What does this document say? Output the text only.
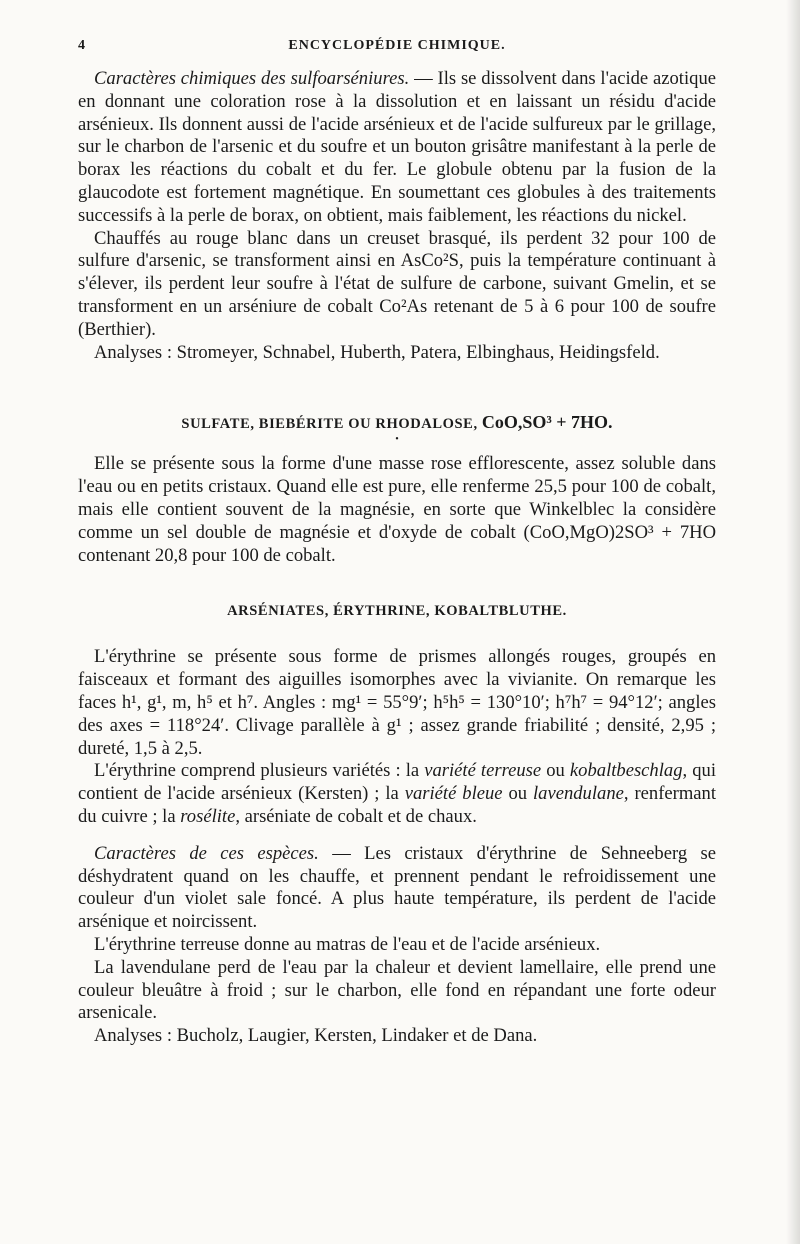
4	ENCYCLOPÉDIE CHIMIQUE.

Caractères chimiques des sulfoarséniures. — Ils se dissolvent dans l'acide azotique en donnant une coloration rose à la dissolution et en laissant un résidu d'acide arsénieux. Ils donnent aussi de l'acide arsénieux et de l'acide sulfureux par le grillage, sur le charbon de l'arsenic et du soufre et un bouton grisâtre manifestant à la perle de borax les réactions du cobalt et du fer. Le globule obtenu par la fusion de la glaucodote est fortement magnétique. En soumettant ces globules à des traitements successifs à la perle de borax, on obtient, mais faiblement, les réactions du nickel.

Chauffés au rouge blanc dans un creuset brasqué, ils perdent 32 pour 100 de sulfure d'arsenic, se transforment ainsi en AsCo²S, puis la température continuant à s'élever, ils perdent leur soufre à l'état de sulfure de carbone, suivant Gmelin, et se transforment en un arséniure de cobalt Co²As retenant de 5 à 6 pour 100 de soufre (Berthier).

Analyses : Stromeyer, Schnabel, Huberth, Patera, Elbinghaus, Heidingsfeld.

SULFATE, BIEBÉRITE OU RHODALOSE, CoO,SO³ + 7HO.
•

Elle se présente sous la forme d'une masse rose efflorescente, assez soluble dans l'eau ou en petits cristaux. Quand elle est pure, elle renferme 25,5 pour 100 de cobalt, mais elle contient souvent de la magnésie, en sorte que Winkelblec la considère comme un sel double de magnésie et d'oxyde de cobalt (CoO,MgO)2SO³ + 7HO contenant 20,8 pour 100 de cobalt.

ARSÉNIATES, ÉRYTHRINE, KOBALTBLUTHE.

L'érythrine se présente sous forme de prismes allongés rouges, groupés en faisceaux et formant des aiguilles isomorphes avec la vivianite. On remarque les faces h¹, g¹, m, h⁵ et h⁷. Angles : mg¹ = 55°9′; h⁵h⁵ = 130°10′; h⁷h⁷ = 94°12′; angles des axes = 118°24′. Clivage parallèle à g¹ ; assez grande friabilité ; densité, 2,95 ; dureté, 1,5 à 2,5.

L'érythrine comprend plusieurs variétés : la variété terreuse ou kobaltbeschlag, qui contient de l'acide arsénieux (Kersten) ; la variété bleue ou lavendulane, renfermant du cuivre ; la rosélite, arséniate de cobalt et de chaux.

Caractères de ces espèces. — Les cristaux d'érythrine de Sehneeberg se déshydratent quand on les chauffe, et prennent pendant le refroidissement une couleur d'un violet sale foncé. A plus haute température, ils perdent de l'acide arsénique et noircissent.

L'érythrine terreuse donne au matras de l'eau et de l'acide arsénieux.

La lavendulane perd de l'eau par la chaleur et devient lamellaire, elle prend une couleur bleuâtre à froid ; sur le charbon, elle fond en répandant une forte odeur arsenicale.

Analyses : Bucholz, Laugier, Kersten, Lindaker et de Dana.
